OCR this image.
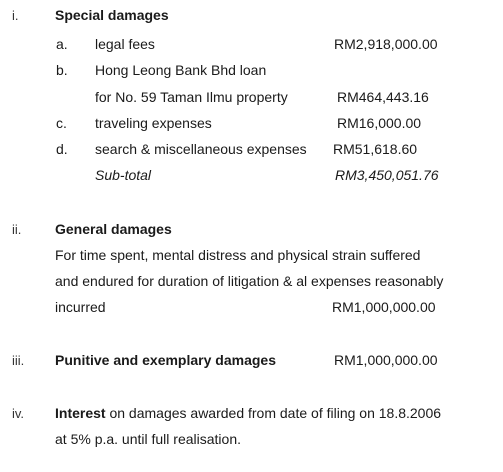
i.	Special damages
a. legal fees	RM2,918,000.00
b. Hong Leong Bank Bhd loan
for No. 59 Taman Ilmu property	RM464,443.16
c. traveling expenses	RM16,000.00
d. search & miscellaneous expenses RM51,618.60
Sub-total	RM3,450,051.76
ii. General damages
For time spent, mental distress and physical strain suffered
and endured for duration of litigation & al expenses reasonably
incurred	RM1,000,000.00
iii. Punitive and exemplary damages	RM1,000,000.00
iv. Interest on damages awarded from date of filing on 18.8.2006
at 5% p.a. until full realisation.
